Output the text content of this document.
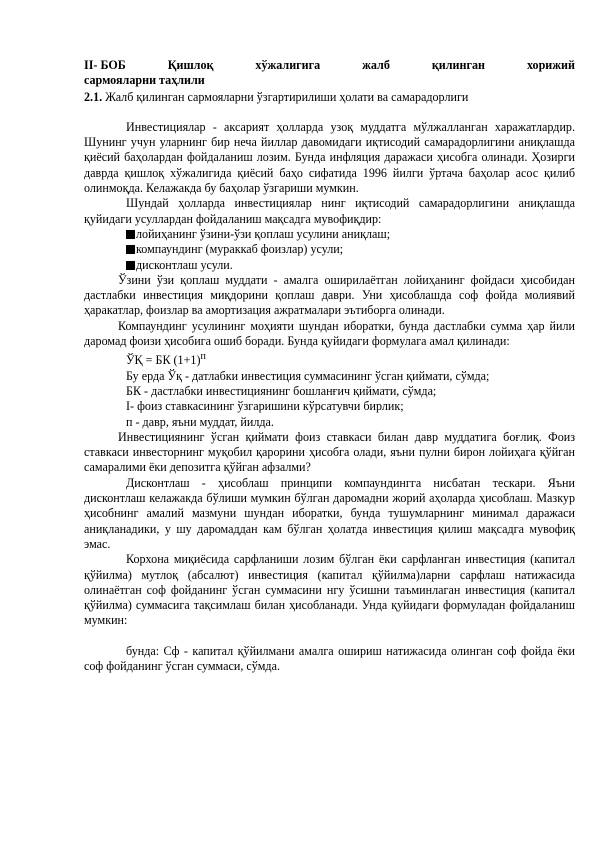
II- БОБ	Қишлоқ	хўжалигига	жалб	қилинган	хорижий
сармояларни таҳлили
2.1. Жалб қилинган сармояларни ўзгартирилиши ҳолати ва самарадорлиги

Инвестициялар - аксарият ҳолларда узоқ муддатга мўлжалланган харажатлардир. Шунинг учун уларнинг бир неча йиллар давомидаги иқтисодий самарадорлигини аниқлашда қиёсий баҳолардан фойдаланиш лозим. Бунда инфляция даражаси ҳисобга олинади. Ҳозирги даврда қишлоқ хўжалигида қиёсий баҳо сифатида 1996 йилги ўртача баҳолар асос қилиб олинмоқда. Келажакда бу баҳолар ўзгариши мумкин.

Шундай ҳолларда инвестициялар нинг иқтисодий самарадорлигини аниқлашда қуйидаги усуллардан фойдаланиш мақсадга мувофиқдир:

лойиҳанинг ўзини-ўзи қоплаш усулини аниқлаш;
компаундинг (мураккаб фоизлар) усули;
дисконтлаш усули.

Ўзини ўзи қоплаш муддати - амалга оширилаётган лойиҳанинг фойдаси ҳисобидан дастлабки инвестиция миқдорини қоплаш даври. Уни ҳисоблашда соф фойда молиявий ҳаракатлар, фоизлар ва амортизация ажратмалари эътиборга олинади.

Компаундинг усулининг моҳияти шундан иборатки, бунда дастлабки сумма ҳар йили даромад фоизи ҳисобига ошиб боради. Бунда қуйидаги формулага амал қилинади:

ЎҚ = БК $(1+1)^п$
Бу ерда Ўқ - датлабки инвестиция суммасининг ўсган қиймати, сўмда;
БК - дастлабки инвестициянинг бошланғич қиймати, сўмда;
I- фоиз ставкасининг ўзгаришини кўрсатувчи бирлик;
п - давр, яъни муддат, йилда.

Инвестициянинг ўсган қиймати фоиз ставкаси билан давр муддатига боғлиқ. Фоиз ставкаси инвесторнинг муқобил қарорини ҳисобга олади, яъни пулни бирон лойиҳага қўйган самаралими ёки депозитга қўйган афзалми?

Дисконтлаш - ҳисоблаш принципи компаундингга нисбатан тескари. Яъни дисконтлаш келажакда бўлиши мумкин бўлган даромадни жорий аҳоларда ҳисоблаш. Мазкур ҳисобнинг амалий мазмуни шундан иборатки, бунда тушумларнинг минимал даражаси аниқланадики, у шу даромаддан кам бўлган ҳолатда инвестиция қилиш мақсадга мувофиқ эмас.

Корхона миқиёсида сарфланиши лозим бўлган ёки сарфланган инвестиция (капитал қўйилма) мутлоқ (абсалют) инвестиция (капитал қўйилма)ларни сарфлаш натижасида олинаётган соф фойданинг ўсган суммасини нгу ўсишни таъминлаган инвестиция (капитал қўйилма) суммасига тақсимлаш билан ҳисобланади. Унда қуйидаги формуладан фойдаланиш мумкин:

бунда: Сф - капитал қўйилмани амалга ошириш натижасида олинган соф фойда ёки соф фойданинг ўсган суммаси, сўмда.
